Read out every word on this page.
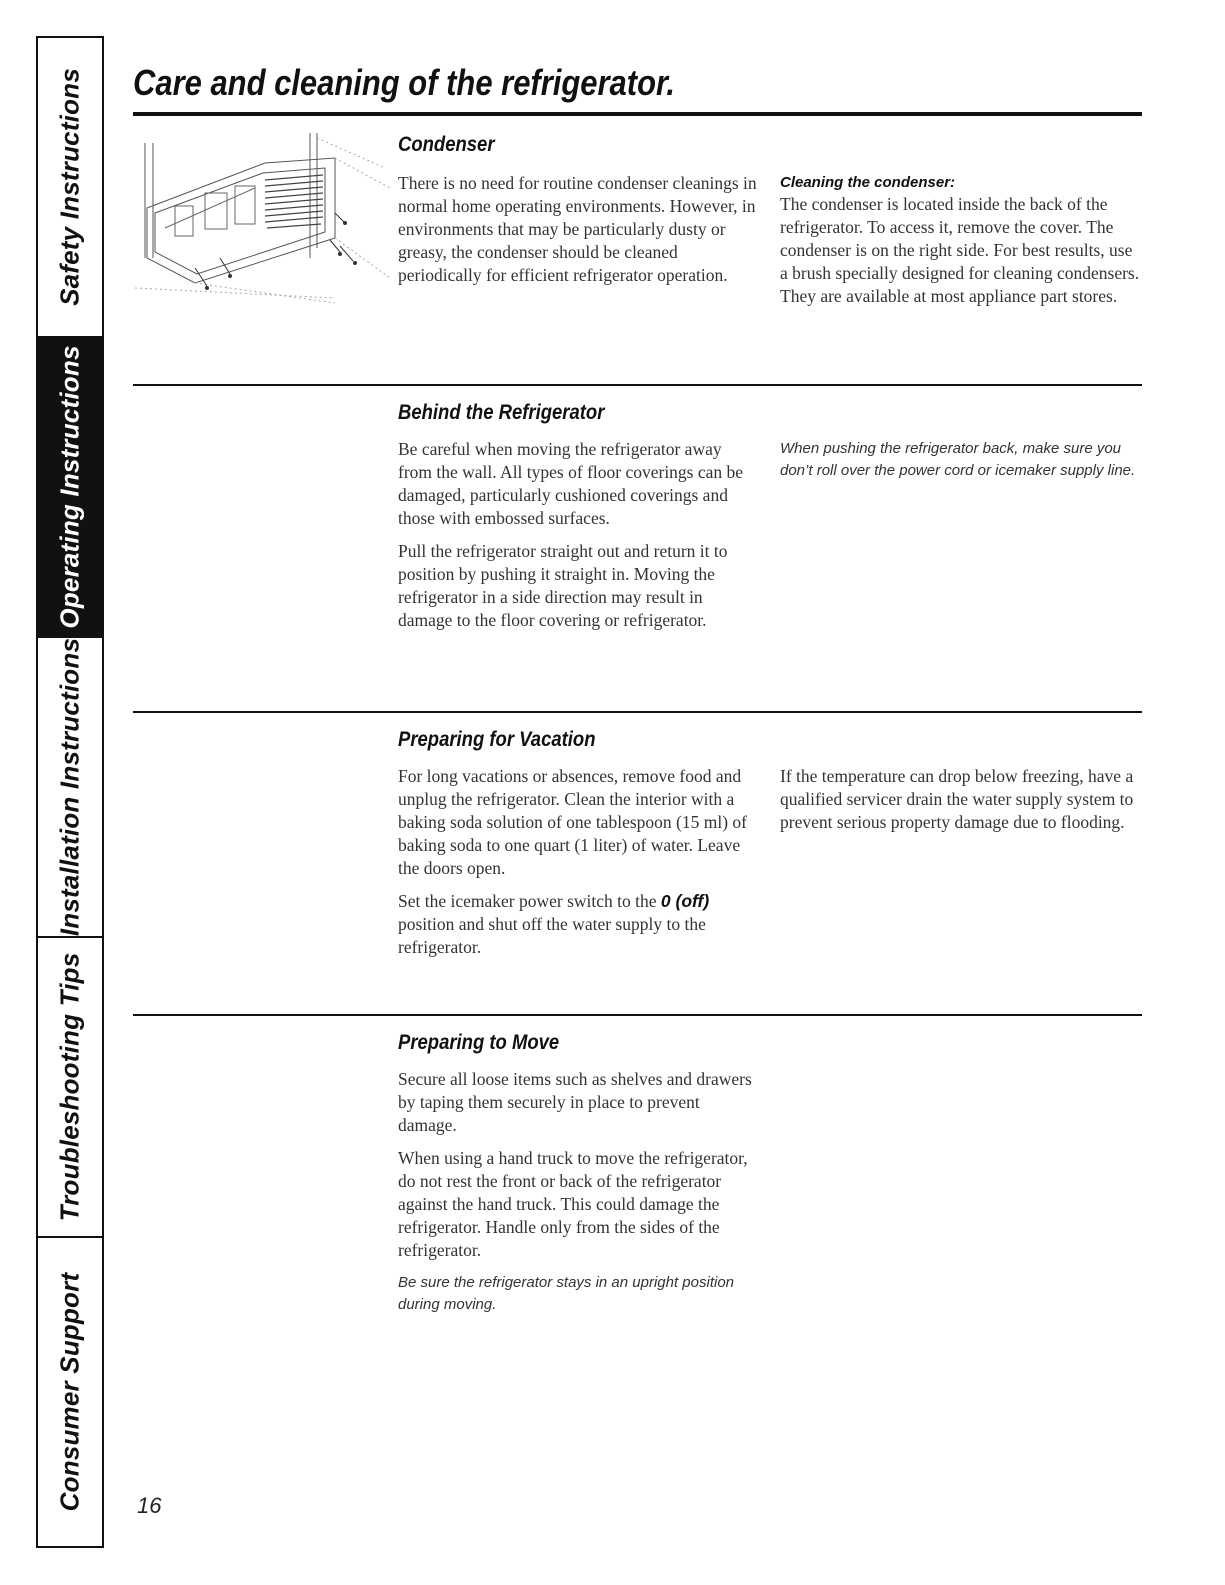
Safety Instructions
Operating Instructions
Installation Instructions
Troubleshooting Tips
Consumer Support
Care and cleaning of the refrigerator.
Condenser

There is no need for routine condenser cleanings in normal home operating environments. However, in environments that may be particularly dusty or greasy, the condenser should be cleaned periodically for efficient refrigerator operation.

Cleaning the condenser:

The condenser is located inside the back of the refrigerator. To access it, remove the cover. The condenser is on the right side. For best results, use a brush specially designed for cleaning condensers. They are available at most appliance part stores.

Behind the Refrigerator

Be careful when moving the refrigerator away from the wall. All types of floor coverings can be damaged, particularly cushioned coverings and those with embossed surfaces.

Pull the refrigerator straight out and return it to position by pushing it straight in. Moving the refrigerator in a side direction may result in damage to the floor covering or refrigerator.

When pushing the refrigerator back, make sure you don’t roll over the power cord or icemaker supply line.

Preparing for Vacation

For long vacations or absences, remove food and unplug the refrigerator. Clean the interior with a baking soda solution of one tablespoon (15 ml) of baking soda to one quart (1 liter) of water. Leave the doors open.

Set the icemaker power switch to the 0 (off) position and shut off the water supply to the refrigerator.

If the temperature can drop below freezing, have a qualified servicer drain the water supply system to prevent serious property damage due to flooding.

Preparing to Move

Secure all loose items such as shelves and drawers by taping them securely in place to prevent damage.

When using a hand truck to move the refrigerator, do not rest the front or back of the refrigerator against the hand truck. This could damage the refrigerator. Handle only from the sides of the refrigerator.

Be sure the refrigerator stays in an upright position during moving.

16
